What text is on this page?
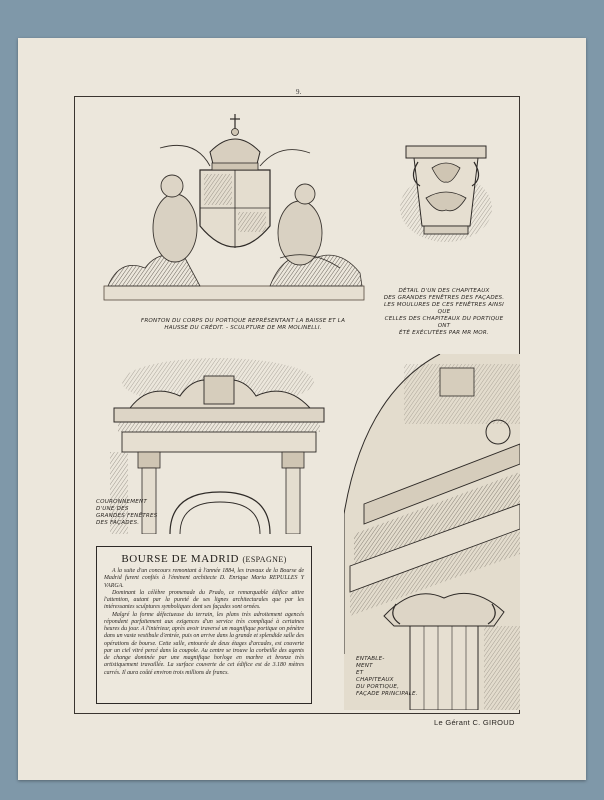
9.
FRONTON DU CORPS DU PORTIQUE REPRÉSENTANT LA BAISSE ET LA
HAUSSE DU CRÉDIT. - SCULPTURE DE MR MOLINELLI.
DÉTAIL D'UN DES CHAPITEAUX
DES GRANDES FENÊTRES DES FAÇADES.
LES MOULURES DE CES FENÊTRES AINSI QUE
CELLES DES CHAPITEAUX DU PORTIQUE ONT
ÉTÉ EXÉCUTÉES PAR MR MOR.
COURONNEMENT
D'UNE DES
GRANDES FENÊTRES
DES FAÇADES.
ENTABLE-
MENT
ET
CHAPITEAUX
DU PORTIQUE,
FAÇADE PRINCIPALE.
BOURSE DE MADRID (ESPAGNE)

A la suite d'un concours remontant à l'année 1884, les travaux de la Bourse de Madrid furent confiés à l'éminent architecte D. Enrique Maria REPULLES Y VARGA.

Dominant la célèbre promenade du Prado, ce remarquable édifice attire l'attention, autant par la pureté de ses lignes architecturales que par les intéressantes sculptures symboliques dont ses façades sont ornées.

Malgré la forme défectueuse du terrain, les plans très adroitement agencés répondent parfaitement aux exigences d'un service très compliqué à certaines heures du jour. A l'intérieur, après avoir traversé un magnifique portique on pénètre dans un vaste vestibule d'entrée, puis on arrive dans la grande et splendide salle des opérations de bourse. Cette salle, entourée de deux étages d'arcades, est couverte par un ciel vitré percé dans la coupole. Au centre se trouve la corbeille des agents de change dominée par une magnifique horloge en marbre et bronze très artistiquement travaillée. La surface couverte de cet édifice est de 3.180 mètres carrés. Il aura coûté environ trois millions de francs.

Le Gérant C. GIROUD
